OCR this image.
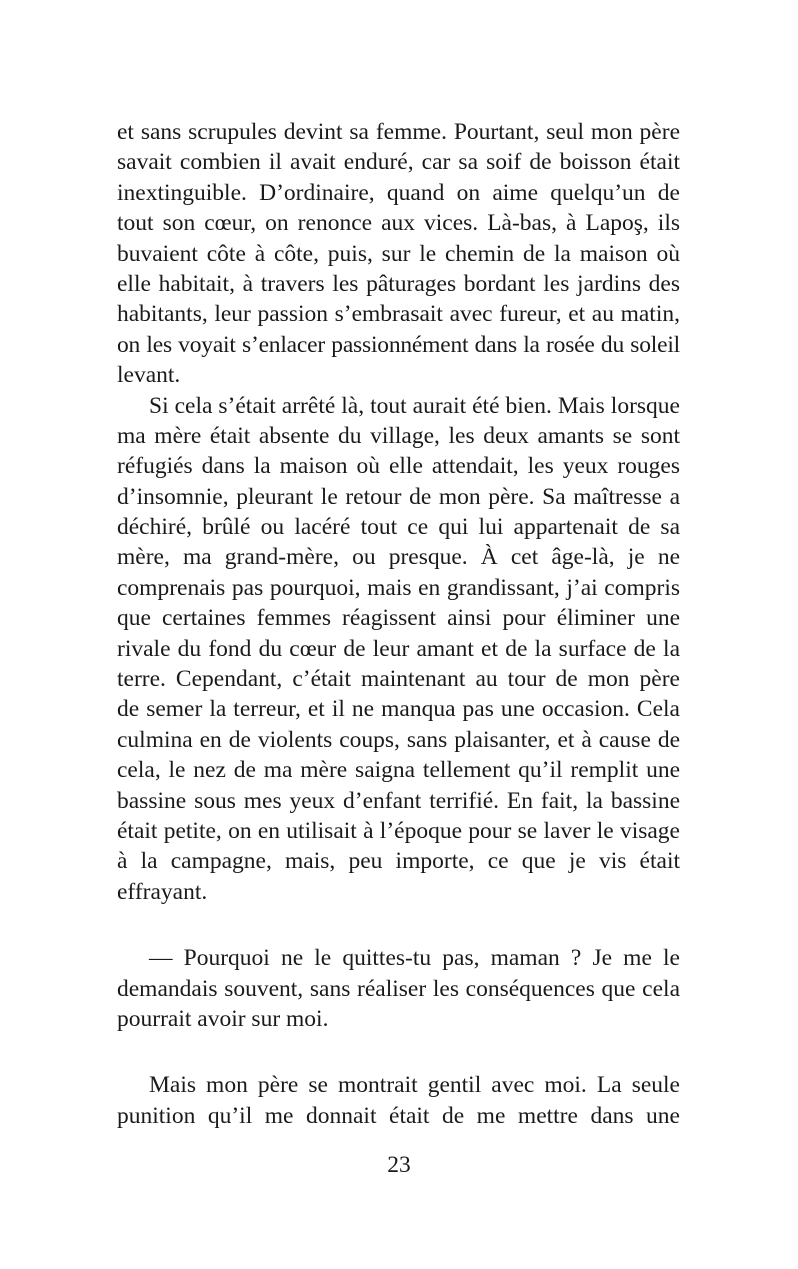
et sans scrupules devint sa femme. Pourtant, seul mon père
savait combien il avait enduré, car sa soif de boisson était
inextinguible. D’ordinaire, quand on aime quelqu’un de
tout son cœur, on renonce aux vices. Là-bas, à Lapoş, ils
buvaient côte à côte, puis, sur le chemin de la maison où
elle habitait, à travers les pâturages bordant les jardins des
habitants, leur passion s’embrasait avec fureur, et au matin,
on les voyait s’enlacer passionnément dans la rosée du soleil
levant.
Si cela s’était arrêté là, tout aurait été bien. Mais lorsque
ma mère était absente du village, les deux amants se sont
réfugiés dans la maison où elle attendait, les yeux rouges
d’insomnie, pleurant le retour de mon père. Sa maîtresse a
déchiré, brûlé ou lacéré tout ce qui lui appartenait de sa
mère, ma grand-mère, ou presque. À cet âge-là, je ne
comprenais pas pourquoi, mais en grandissant, j’ai compris
que certaines femmes réagissent ainsi pour éliminer une
rivale du fond du cœur de leur amant et de la surface de la
terre. Cependant, c’était maintenant au tour de mon père
de semer la terreur, et il ne manqua pas une occasion. Cela
culmina en de violents coups, sans plaisanter, et à cause de
cela, le nez de ma mère saigna tellement qu’il remplit une
bassine sous mes yeux d’enfant terrifié. En fait, la bassine
était petite, on en utilisait à l’époque pour se laver le visage
à la campagne, mais, peu importe, ce que je vis était
effrayant.
— Pourquoi ne le quittes-tu pas, maman ? Je me le
demandais souvent, sans réaliser les conséquences que cela
pourrait avoir sur moi.
Mais mon père se montrait gentil avec moi. La seule
punition qu’il me donnait était de me mettre dans une
23
